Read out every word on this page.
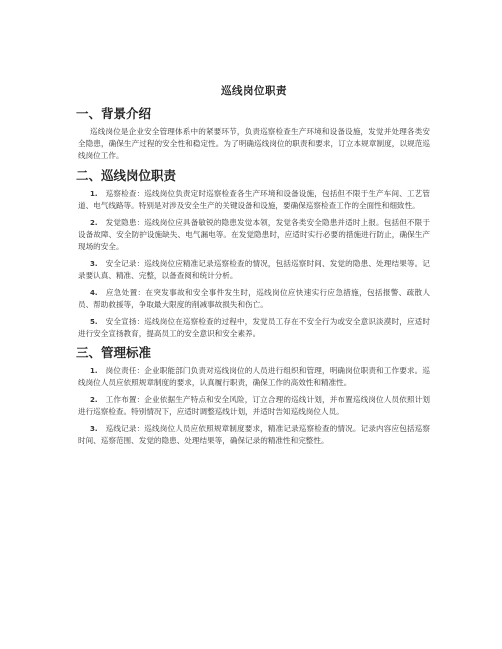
巡线岗位职责
一、背景介绍

巡线岗位是企业安全管理体系中的紧要环节，负责巡察检查生产环境和设备设施，发觉并处理各类安全隐患，确保生产过程的安全性和稳定性。为了明确巡线岗位的职责和要求，订立本规章制度，以规范巡线岗位工作。

二、巡线岗位职责

1. 巡察检查：巡线岗位负责定时巡察检查各生产环境和设备设施，包括但不限于生产车间、工艺管道、电气线路等。特别是对涉及安全生产的关键设备和设施，要确保巡察检查工作的全面性和细致性。

2. 发觉隐患：巡线岗位应具备敏锐的隐患发觉本领，发觉各类安全隐患并适时上报。包括但不限于设备故障、安全防护设施缺失、电气漏电等。在发觉隐患时，应适时实行必要的措施进行防止，确保生产现场的安全。

3. 安全记录：巡线岗位应精准记录巡察检查的情况，包括巡察时间、发觉的隐患、处理结果等。记录要认真、精准、完整，以备查阅和统计分析。

4. 应急处置：在突发事故和安全事件发生时，巡线岗位应快速实行应急措施，包括报警、疏散人员、帮助救援等，争取最大限度的削减事故损失和伤亡。

5. 安全宣扬：巡线岗位在巡察检查的过程中，发觉员工存在不安全行为或安全意识淡漠时，应适时进行安全宣扬教育，提高员工的安全意识和安全素养。

三、管理标准

1. 岗位责任：企业职能部门负责对巡线岗位的人员进行组织和管理，明确岗位职责和工作要求。巡线岗位人员应依照规章制度的要求，认真履行职责，确保工作的高效性和精准性。

2. 工作布置：企业依据生产特点和安全风险，订立合理的巡线计划，并布置巡线岗位人员依照计划进行巡察检查。特别情况下，应适时调整巡线计划，并适时告知巡线岗位人员。

3. 巡线记录：巡线岗位人员应依照规章制度要求，精准记录巡察检查的情况。记录内容应包括巡察时间、巡察范围、发觉的隐患、处理结果等，确保记录的精准性和完整性。
